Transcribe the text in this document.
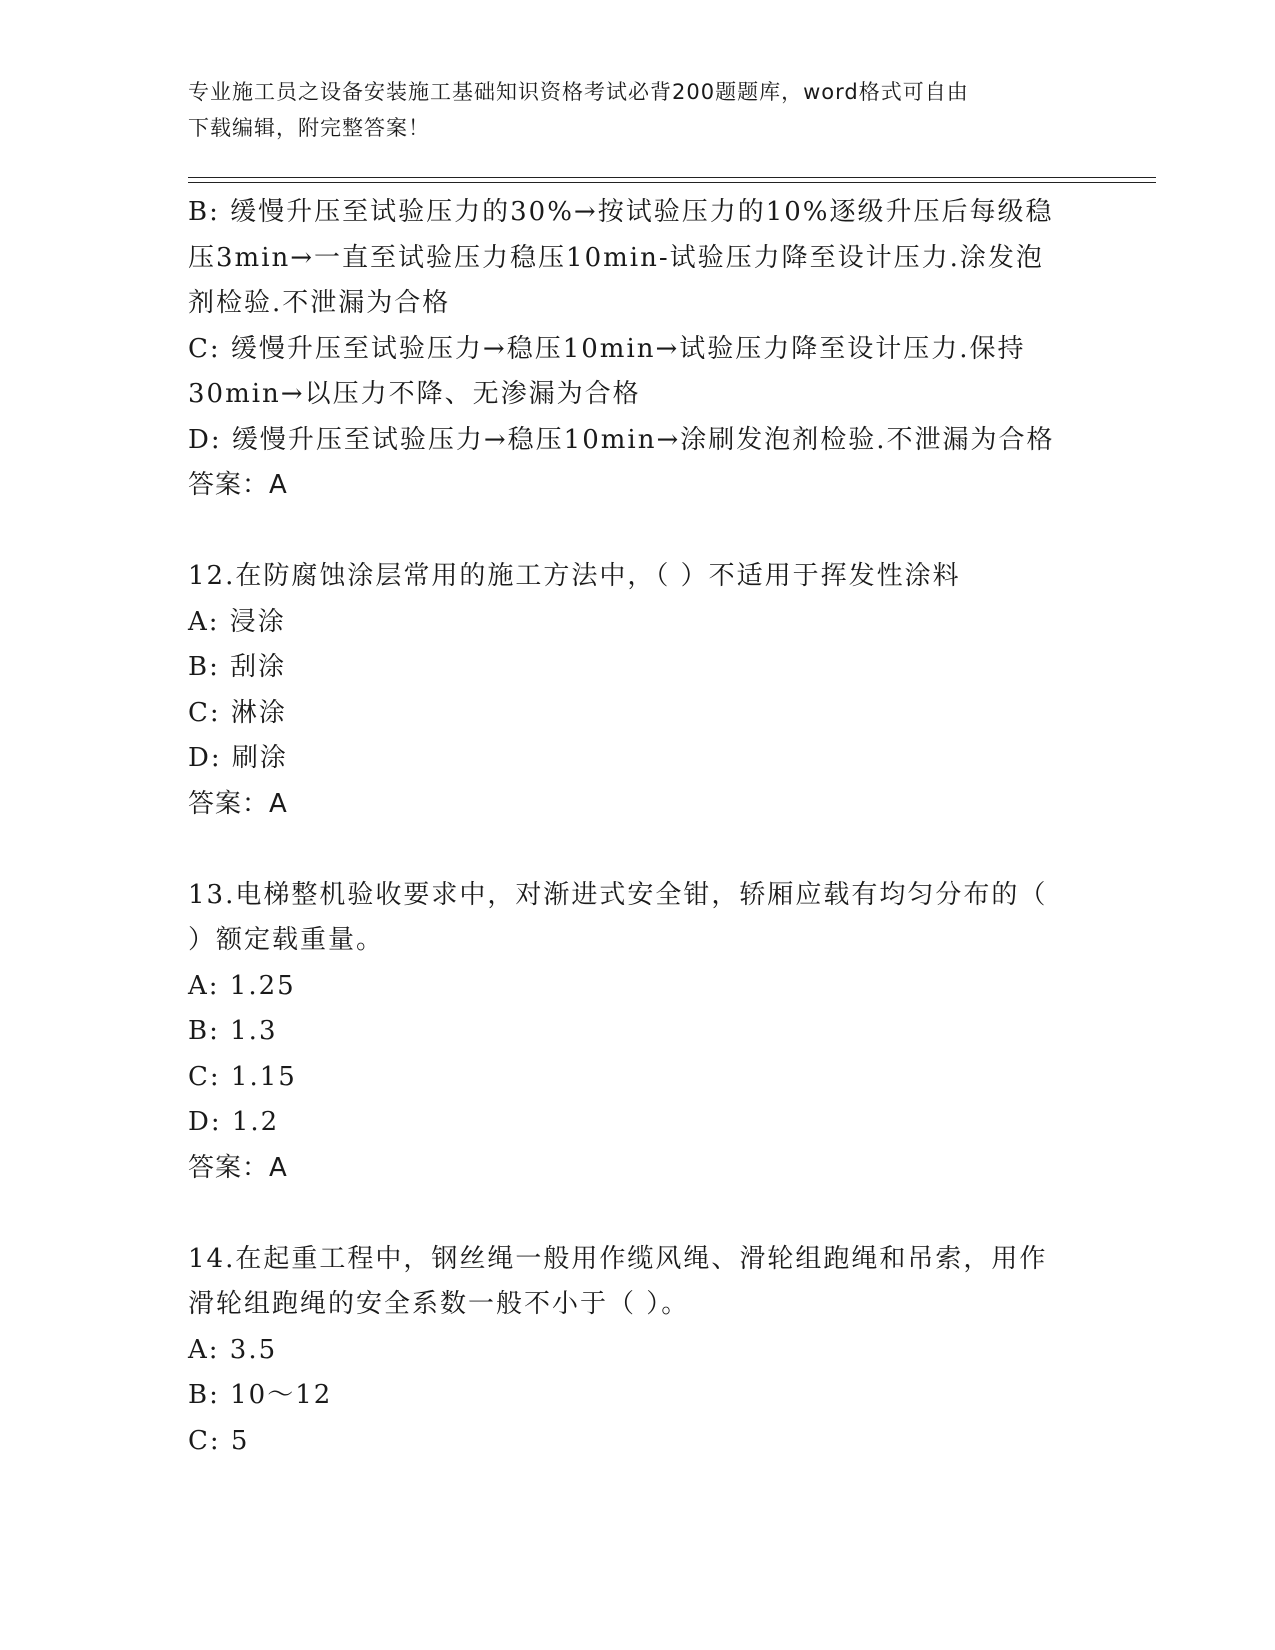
专业施工员之设备安装施工基础知识资格考试必背200题题库，word格式可自由

下载编辑，附完整答案！

B: 缓慢升压至试验压力的30%→按试验压力的10%逐级升压后每级稳
压3min→一直至试验压力稳压10min-试验压力降至设计压力.涂发泡
剂检验.不泄漏为合格
C: 缓慢升压至试验压力→稳压10min→试验压力降至设计压力.保持
30min→以压力不降、无渗漏为合格
D: 缓慢升压至试验压力→稳压10min→涂刷发泡剂检验.不泄漏为合格
答案：A
12.在防腐蚀涂层常用的施工方法中，（ ）不适用于挥发性涂料
A: 浸涂
B: 刮涂
C: 淋涂
D: 刷涂
答案：A
13.电梯整机验收要求中，对渐进式安全钳，轿厢应载有均匀分布的（
）额定载重量。
A: 1.25
B: 1.3
C: 1.15
D: 1.2
答案：A
14.在起重工程中，钢丝绳一般用作缆风绳、滑轮组跑绳和吊索，用作
滑轮组跑绳的安全系数一般不小于（ ）。
A: 3.5
B: 10～12
C: 5
